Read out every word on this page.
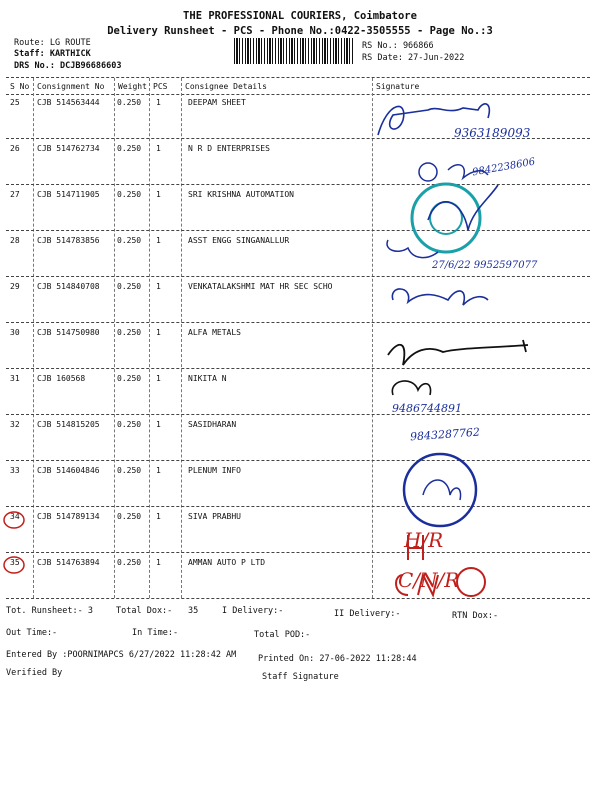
THE PROFESSIONAL COURIERS, Coimbatore
Delivery Runsheet - PCS - Phone No.:0422-3505555 - Page No.:3
Route: LG ROUTE
Staff: KARTHICK
DRS No.: DCJB96686603
RS No.: 966866
RS Date: 27-Jun-2022
S No Consignment No Weight PCS Consignee Details	Signature
25 CJB 514563444 0.250 1	DEEPAM SHEET
26 CJB 514762734 0.250 1	N R D ENTERPRISES
27 CJB 514711905 0.250 1	SRI KRISHNA AUTOMATION
28 CJB 514783856 0.250 1	ASST ENGG SINGANALLUR
29 CJB 514840708 0.250 1	VENKATALAKSHMI MAT HR SEC SCHO
30 CJB 514750980 0.250 1	ALFA METALS
31 CJB 160568	0.250 1	NIKITA N
32 CJB 514815205 0.250 1	SASIDHARAN
33 CJB 514604846 0.250 1	PLENUM INFO
34 CJB 514789134 0.250 1	SIVA PRABHU
35 CJB 514763894 0.250 1	AMMAN AUTO P LTD
9363189093
9842238606
27/6/22 9952597077
9486744891
9843287762
H/R
C/N/R
Tot. Runsheet:- 3	Total Dox:- 35	I Delivery:-	II Delivery:-	RTN Dox:-
Out Time:-	In Time:-	Total POD:-
Entered By :POORNIMAPCS 6/27/2022 11:28:42 AM	Printed On: 27-06-2022 11:28:44
Verified By	Staff Signature
